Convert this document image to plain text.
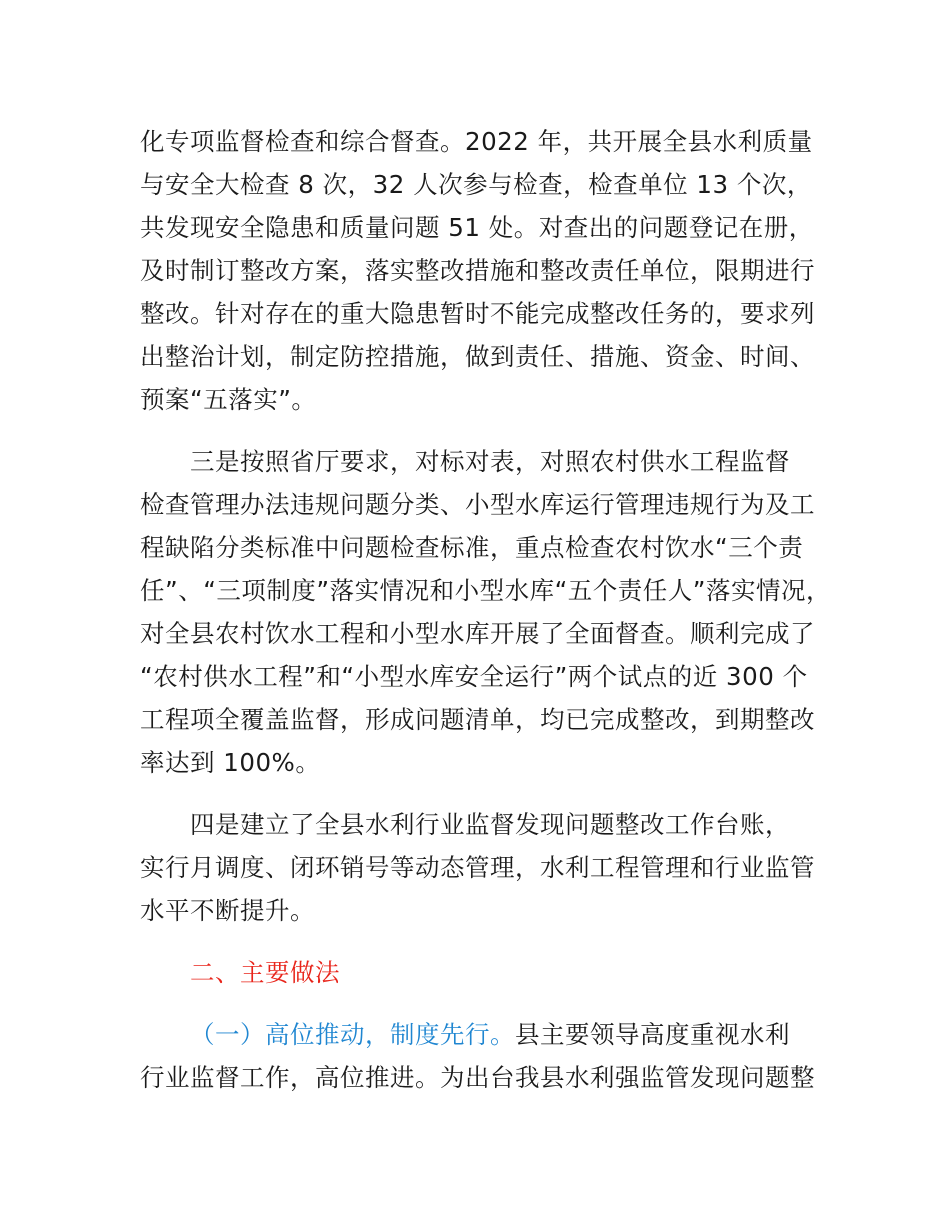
化专项监督检查和综合督查。2022 年，共开展全县水利质量
与安全大检查 8 次，32 人次参与检查，检查单位 13 个次，
共发现安全隐患和质量问题 51 处。对查出的问题登记在册，
及时制订整改方案，落实整改措施和整改责任单位，限期进行
整改。针对存在的重大隐患暂时不能完成整改任务的，要求列
出整治计划，制定防控措施，做到责任、措施、资金、时间、
预案“五落实”。
三是按照省厅要求，对标对表，对照农村供水工程监督
检查管理办法违规问题分类、小型水库运行管理违规行为及工
程缺陷分类标准中问题检查标准，重点检查农村饮水“三个责
任”、“三项制度”落实情况和小型水库“五个责任人”落实情况，
对全县农村饮水工程和小型水库开展了全面督查。顺利完成了
“农村供水工程”和“小型水库安全运行”两个试点的近 300 个
工程项全覆盖监督，形成问题清单，均已完成整改，到期整改
率达到 100%。
四是建立了全县水利行业监督发现问题整改工作台账，
实行月调度、闭环销号等动态管理，水利工程管理和行业监管
水平不断提升。
二、主要做法
（一）高位推动，制度先行。县主要领导高度重视水利
行业监督工作，高位推进。为出台我县水利强监管发现问题整
